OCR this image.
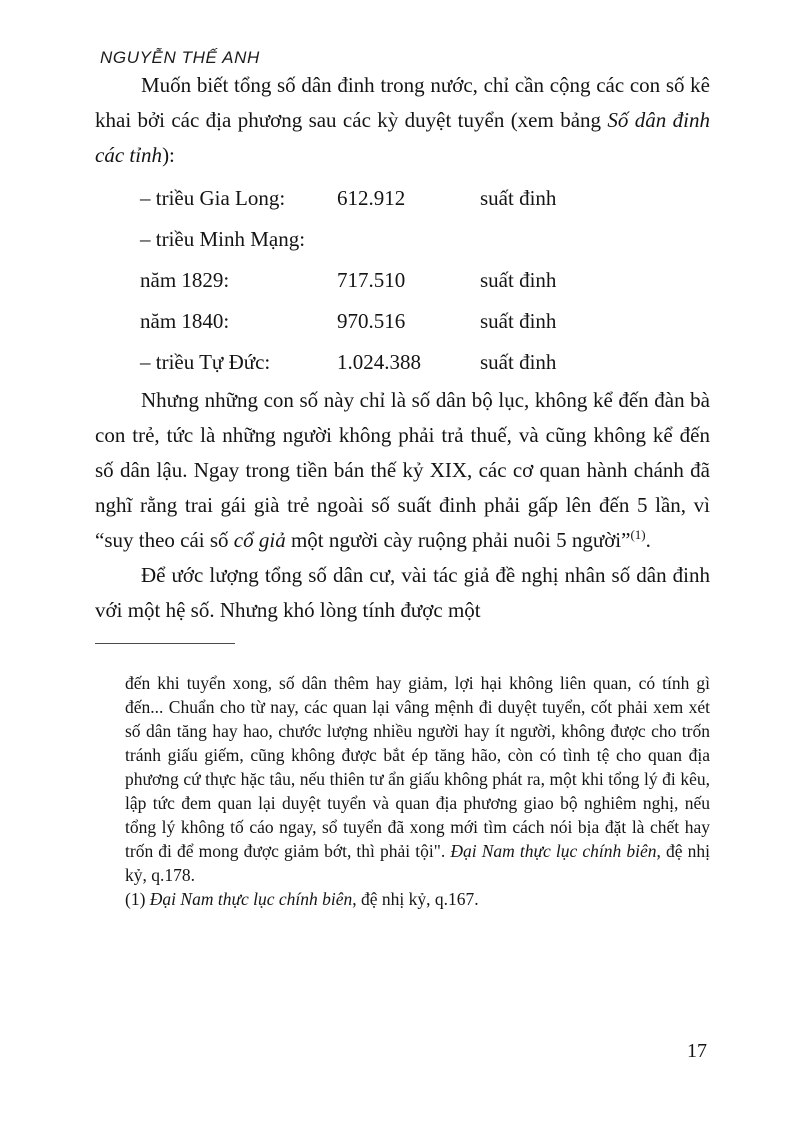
NGUYỄN THẾ ANH

Muốn biết tổng số dân đinh trong nước, chỉ cần cộng các con số kê khai bởi các địa phương sau các kỳ duyệt tuyển (xem bảng Số dân đinh các tỉnh):

– triều Gia Long:	612.912	suất đinh
– triều Minh Mạng:
năm 1829:	717.510	suất đinh
năm 1840:	970.516	suất đinh
– triều Tự Đức:	1.024.388	suất đinh

Nhưng những con số này chỉ là số dân bộ lục, không kể đến đàn bà con trẻ, tức là những người không phải trả thuế, và cũng không kể đến số dân lậu. Ngay trong tiền bán thế kỷ XIX, các cơ quan hành chánh đã nghĩ rằng trai gái già trẻ ngoài số suất đinh phải gấp lên đến 5 lần, vì “suy theo cái số cổ giả một người cày ruộng phải nuôi 5 người”$^{(1)}$.

Để ước lượng tổng số dân cư, vài tác giả đề nghị nhân số dân đinh với một hệ số. Nhưng khó lòng tính được một

đến khi tuyển xong, số dân thêm hay giảm, lợi hại không liên quan, có tính gì đến... Chuẩn cho từ nay, các quan lại vâng mệnh đi duyệt tuyển, cốt phải xem xét số dân tăng hay hao, chước lượng nhiều người hay ít người, không được cho trốn tránh giấu giếm, cũng không được bắt ép tăng hão, còn có tình tệ cho quan địa phương cứ thực hặc tâu, nếu thiên tư ẩn giấu không phát ra, một khi tổng lý đi kêu, lập tức đem quan lại duyệt tuyển và quan địa phương giao bộ nghiêm nghị, nếu tổng lý không tố cáo ngay, sổ tuyển đã xong mới tìm cách nói bịa đặt là chết hay trốn đi để mong được giảm bớt, thì phải tội". Đại Nam thực lục chính biên, đệ nhị kỷ, q.178.

(1) Đại Nam thực lục chính biên, đệ nhị kỷ, q.167.

17
